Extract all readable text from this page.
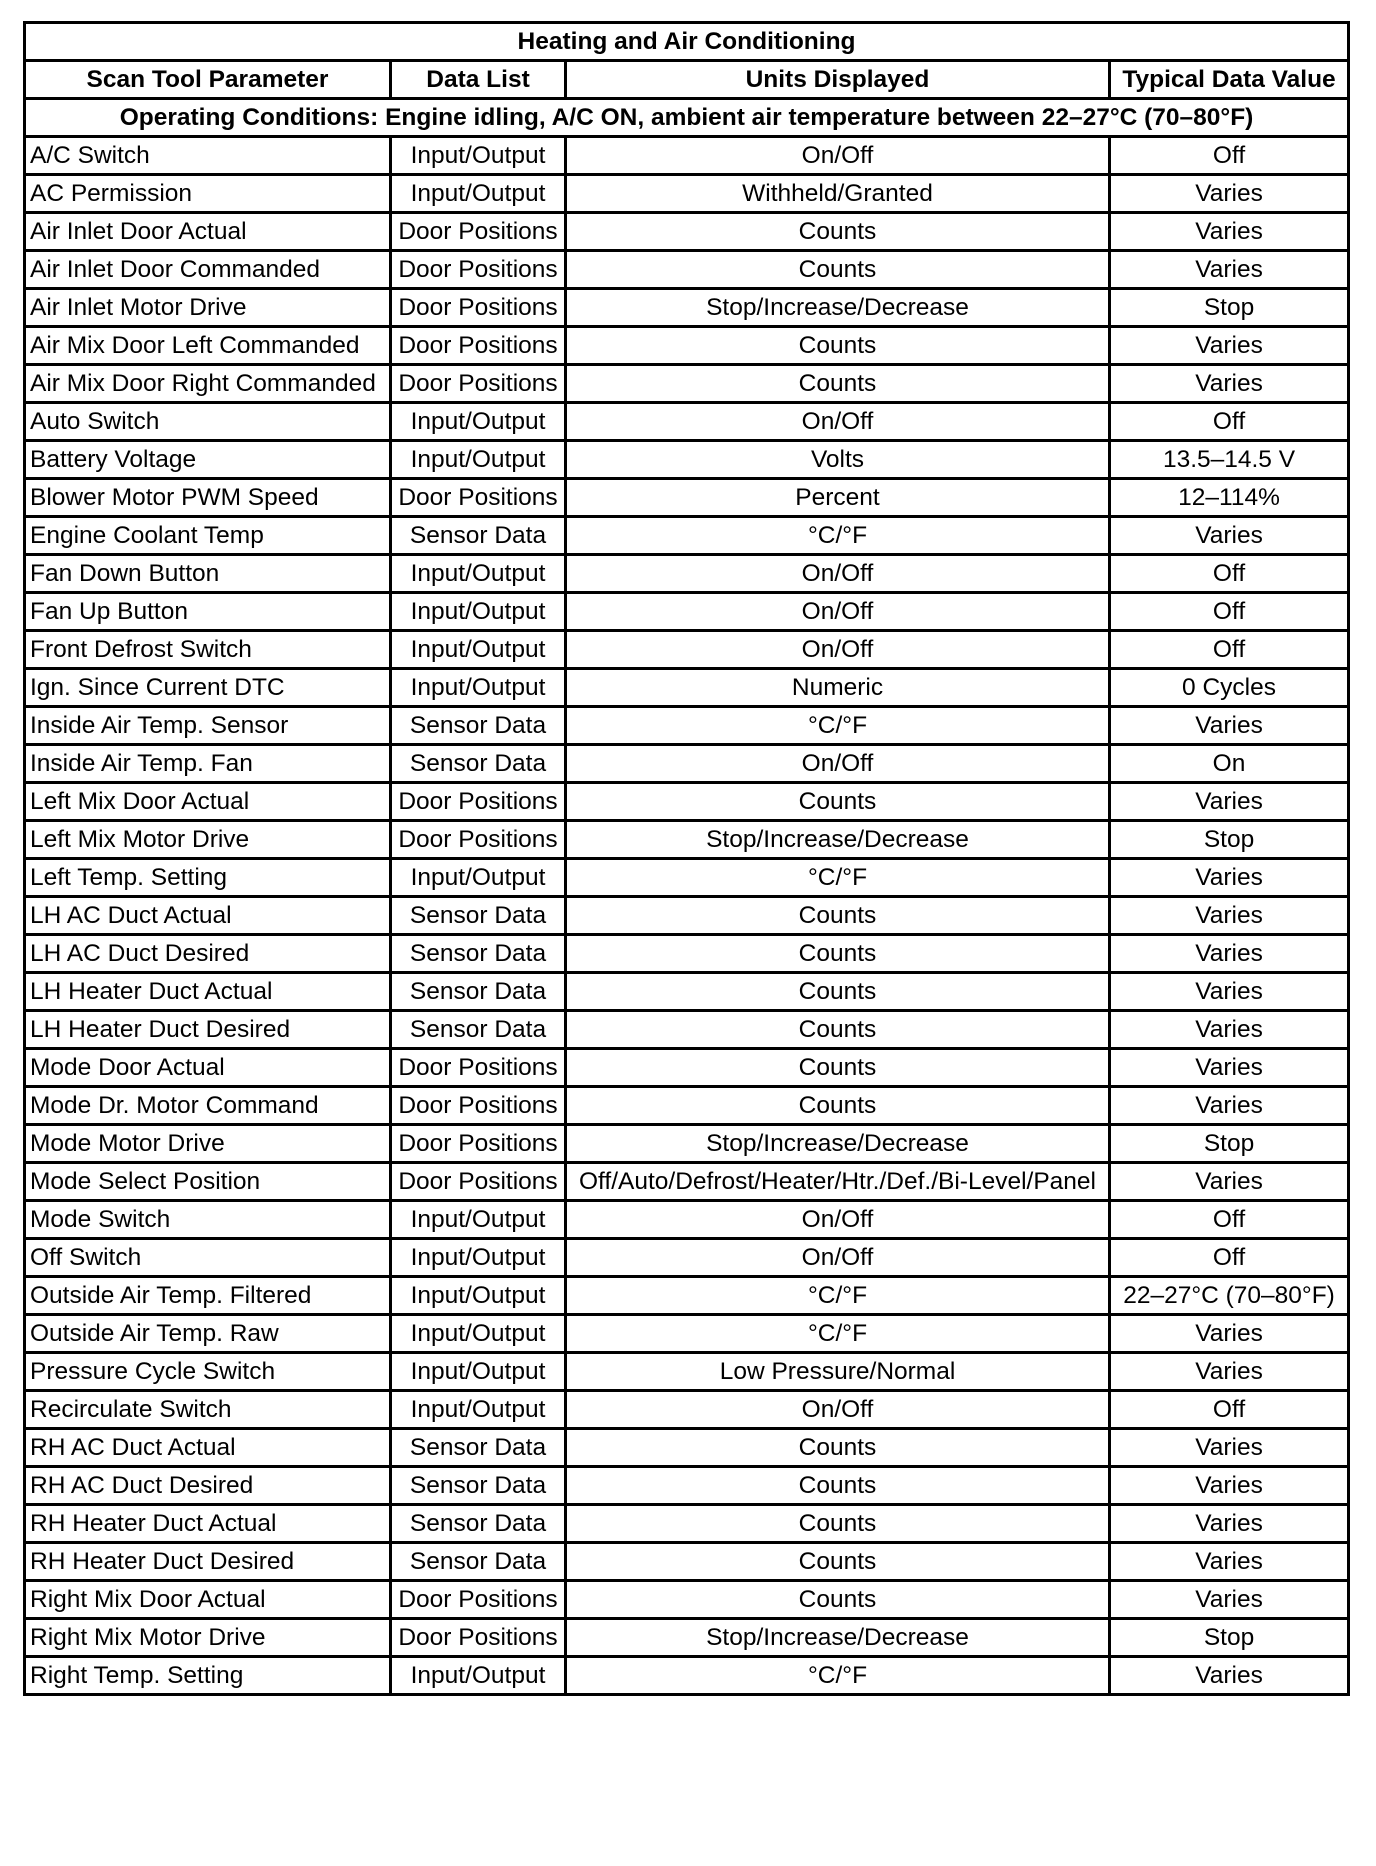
Heating and Air Conditioning			
Scan Tool Parameter	Data List	Units Displayed	Typical Data Value
Operating Conditions: Engine idling, A/C ON, ambient air temperature between 22–27°C (70–80°F)			
A/C Switch	Input/Output	On/Off	Off
AC Permission	Input/Output	Withheld/Granted	Varies
Air Inlet Door Actual	Door Positions	Counts	Varies
Air Inlet Door Commanded	Door Positions	Counts	Varies
Air Inlet Motor Drive	Door Positions	Stop/Increase/Decrease	Stop
Air Mix Door Left Commanded	Door Positions	Counts	Varies
Air Mix Door Right Commanded	Door Positions	Counts	Varies
Auto Switch	Input/Output	On/Off	Off
Battery Voltage	Input/Output	Volts	13.5–14.5 V
Blower Motor PWM Speed	Door Positions	Percent	12–114%
Engine Coolant Temp	Sensor Data	°C/°F	Varies
Fan Down Button	Input/Output	On/Off	Off
Fan Up Button	Input/Output	On/Off	Off
Front Defrost Switch	Input/Output	On/Off	Off
Ign. Since Current DTC	Input/Output	Numeric	0 Cycles
Inside Air Temp. Sensor	Sensor Data	°C/°F	Varies
Inside Air Temp. Fan	Sensor Data	On/Off	On
Left Mix Door Actual	Door Positions	Counts	Varies
Left Mix Motor Drive	Door Positions	Stop/Increase/Decrease	Stop
Left Temp. Setting	Input/Output	°C/°F	Varies
LH AC Duct Actual	Sensor Data	Counts	Varies
LH AC Duct Desired	Sensor Data	Counts	Varies
LH Heater Duct Actual	Sensor Data	Counts	Varies
LH Heater Duct Desired	Sensor Data	Counts	Varies
Mode Door Actual	Door Positions	Counts	Varies
Mode Dr. Motor Command	Door Positions	Counts	Varies
Mode Motor Drive	Door Positions	Stop/Increase/Decrease	Stop
Mode Select Position	Door Positions	Off/Auto/Defrost/Heater/Htr./Def./Bi-Level/Panel	Varies
Mode Switch	Input/Output	On/Off	Off
Off Switch	Input/Output	On/Off	Off
Outside Air Temp. Filtered	Input/Output	°C/°F	22–27°C (70–80°F)
Outside Air Temp. Raw	Input/Output	°C/°F	Varies
Pressure Cycle Switch	Input/Output	Low Pressure/Normal	Varies
Recirculate Switch	Input/Output	On/Off	Off
RH AC Duct Actual	Sensor Data	Counts	Varies
RH AC Duct Desired	Sensor Data	Counts	Varies
RH Heater Duct Actual	Sensor Data	Counts	Varies
RH Heater Duct Desired	Sensor Data	Counts	Varies
Right Mix Door Actual	Door Positions	Counts	Varies
Right Mix Motor Drive	Door Positions	Stop/Increase/Decrease	Stop
Right Temp. Setting	Input/Output	°C/°F	Varies
